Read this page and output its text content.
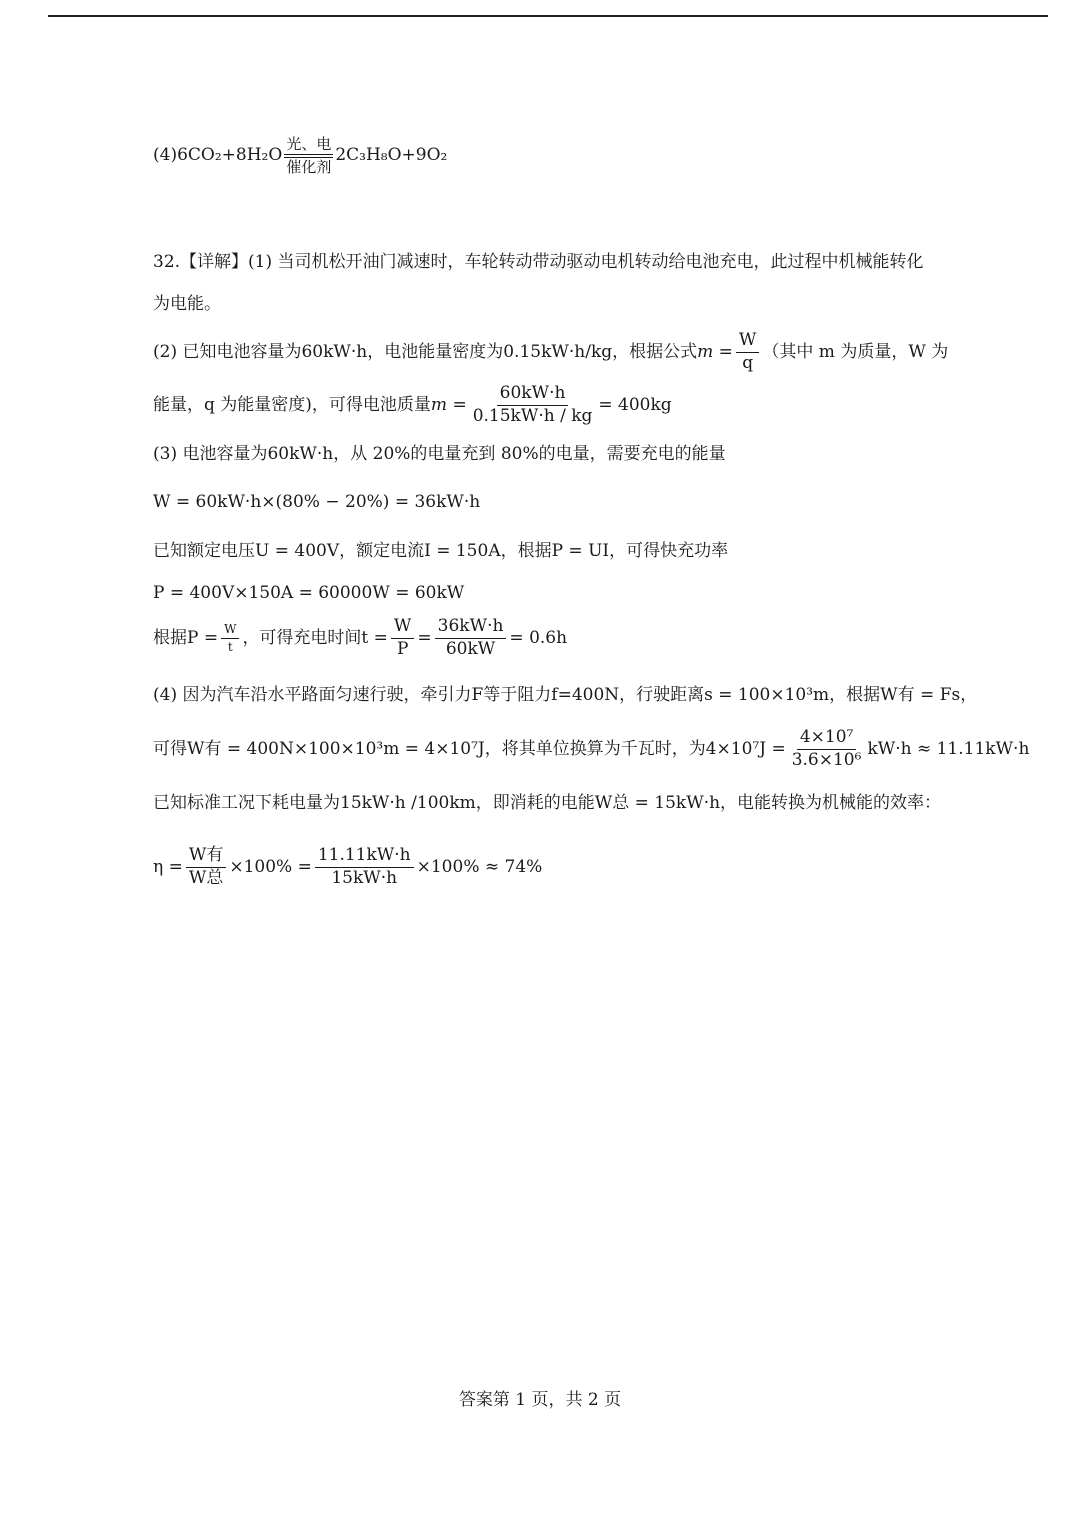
(4)6CO₂+8H₂O
光、电
催化剂
2C₃H₈O+9O₂
32.【详解】(1) 当司机松开油门减速时，车轮转动带动驱动电机转动给电池充电，此过程中机械能转化
为电能。
(2) 已知电池容量为60kW·h，电池能量密度为0.15kW·h/kg，根据公式$m = \frac{W}{q}$ （其中 m 为质量，W 为
能量，q 为能量密度)，可得电池质量$m = \frac{60kW\cdot h}{0.15kW\cdot h / kg} = 400kg$
(3) 电池容量为60kW·h，从 20%的电量充到 80%的电量，需要充电的能量
W = 60kW·h×(80% − 20%) = 36kW·h
已知额定电压U = 400V，额定电流I = 150A，根据P = UI，可得快充功率
P = 400V×150A = 60000W = 60kW
根据$P = \frac{W}{t}$ ，可得充电时间$t = \frac{W}{P} = \frac{36kW\cdot h}{60kW} = 0.6h$
(4) 因为汽车沿水平路面匀速行驶，牵引力F等于阻力f=400N，行驶距离s = 100×10³m，根据W有 = Fs，
可得W有 = 400N×100×10³m = 4×10⁷J，将其单位换算为千瓦时，为$4\times 10^7J = \frac{\text{4×10⁷}}{\text{3.6×10⁶}} kW\cdot h \approx 11.11kW\cdot h$
已知标准工况下耗电量为15kW·h /100km，即消耗的电能W总 = 15kW·h，电能转换为机械能的效率：
$\eta = \frac{\text{W有}}{\text{W总}} \times 100\% = \frac{11.11kW\cdot h}{15kW\cdot h} \times 100\% \approx 74\%$
答案第 1 页，共 2 页
